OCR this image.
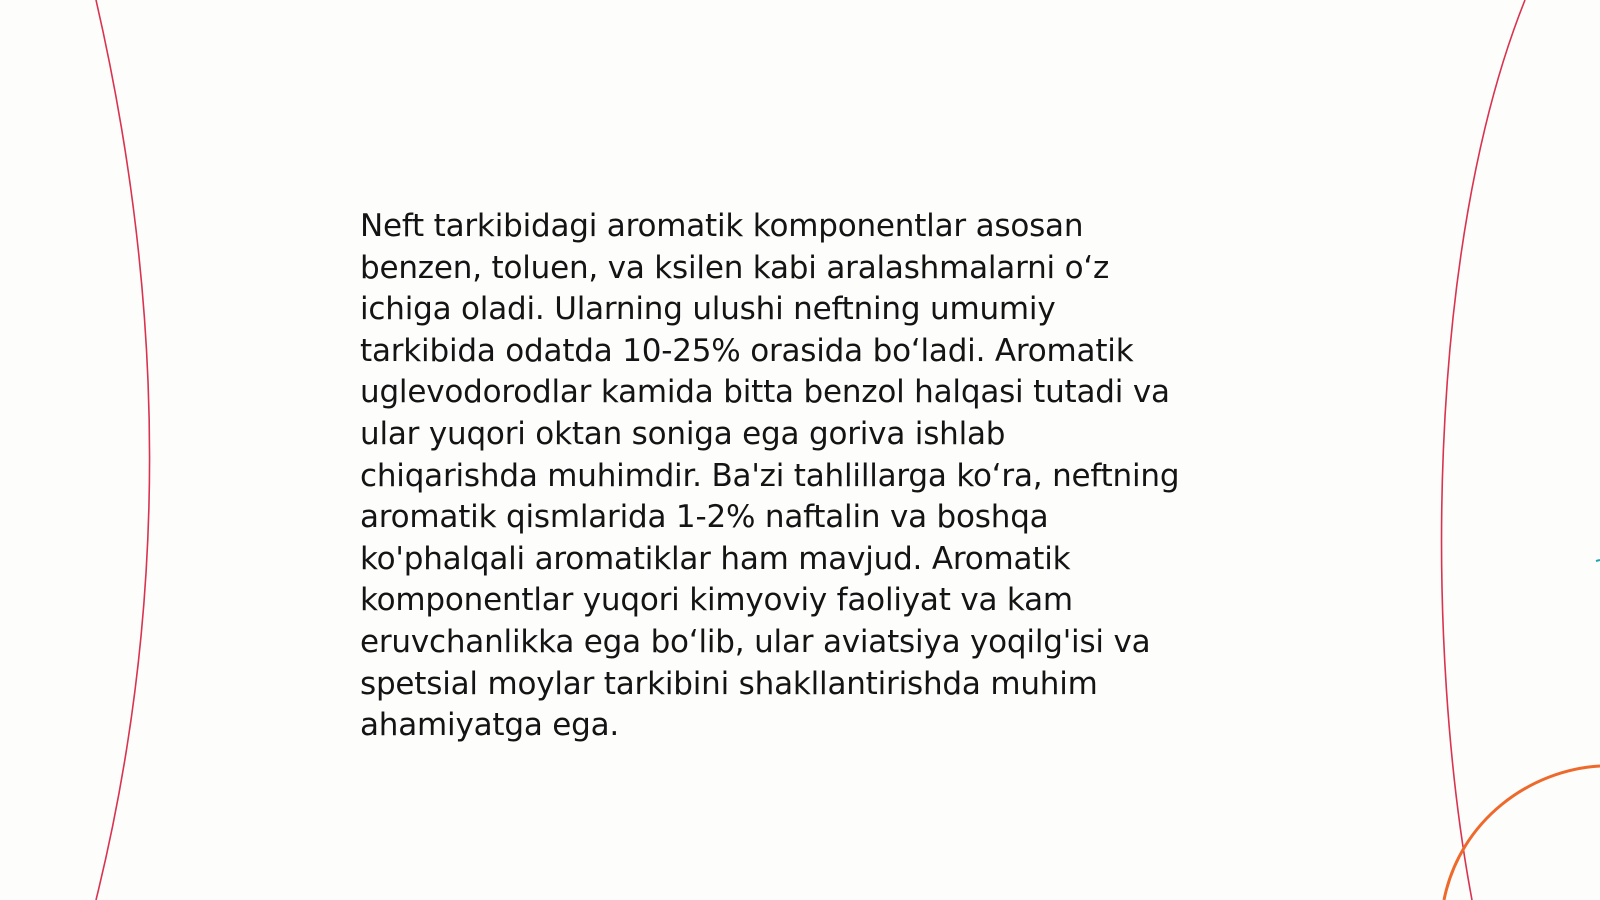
Neft tarkibidagi aromatik komponentlar asosan
benzen, toluen, va ksilen kabi aralashmalarni o‘z
ichiga oladi. Ularning ulushi neftning umumiy
tarkibida odatda 10-25% orasida bo‘ladi. Aromatik
uglevodorodlar kamida bitta benzol halqasi tutadi va
ular yuqori oktan soniga ega goriva ishlab
chiqarishda muhimdir. Ba'zi tahlillarga ko‘ra, neftning
aromatik qismlarida 1-2% naftalin va boshqa
ko'phalqali aromatiklar ham mavjud. Aromatik
komponentlar yuqori kimyoviy faoliyat va kam
eruvchanlikka ega bo‘lib, ular aviatsiya yoqilg'isi va
spetsial moylar tarkibini shakllantirishda muhim
ahamiyatga ega.
